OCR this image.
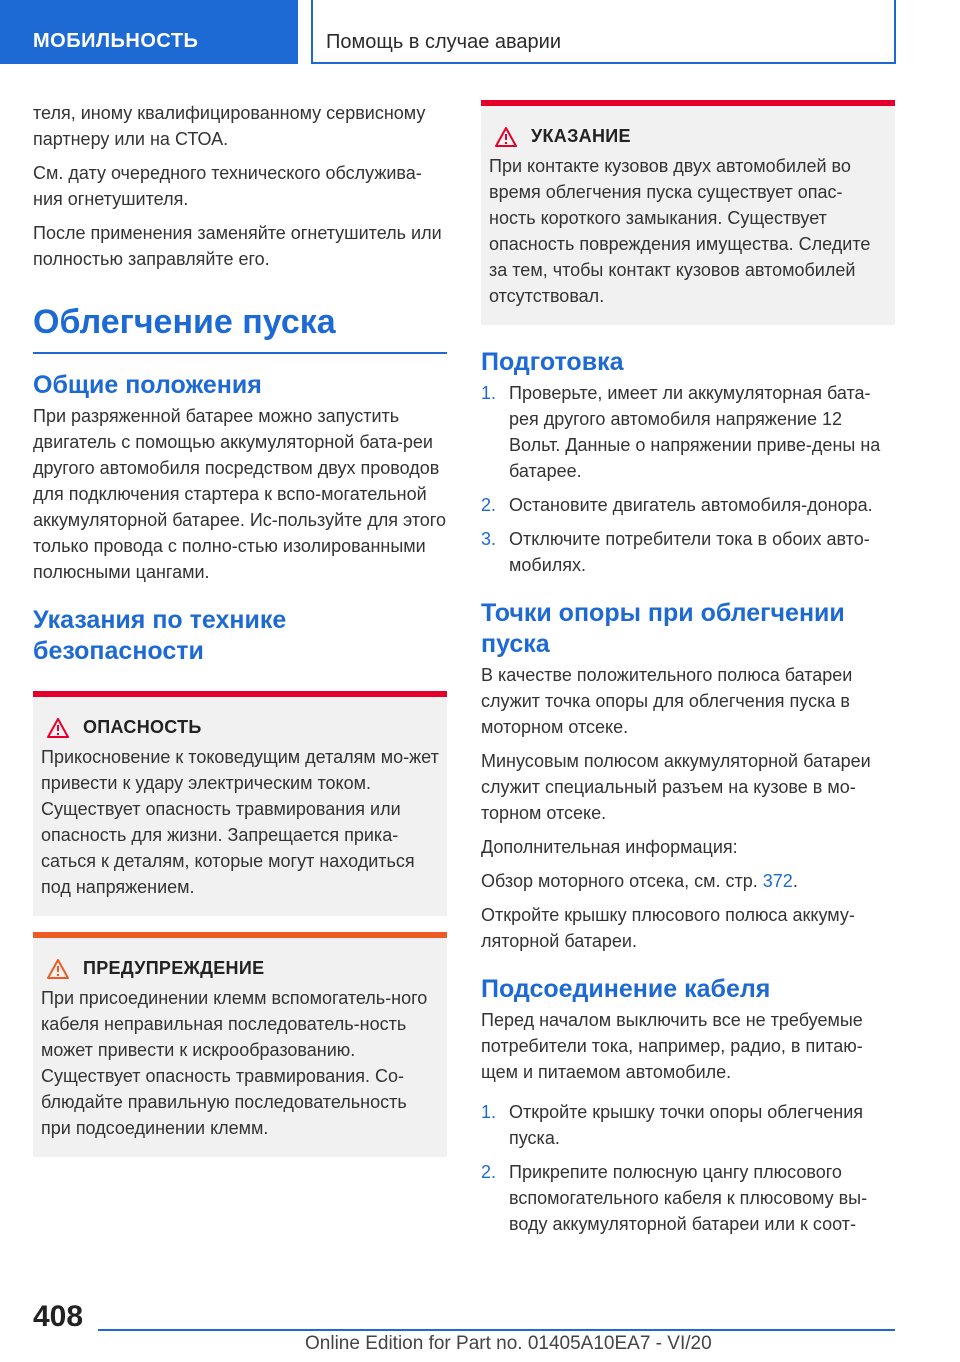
МОБИЛЬНОСТЬ	Помощь в случае аварии

теля, иному квалифицированному сервисному партнеру или на СТОА.

См. дату очередного технического обслужива-ния огнетушителя.

После применения заменяйте огнетушитель или полностью заправляйте его.

Облегчение пуска
Общие положения

При разряженной батарее можно запустить двигатель с помощью аккумуляторной бата-реи другого автомобиля посредством двух проводов для подключения стартера к вспо-могательной аккумуляторной батарее. Ис-пользуйте для этого только провода с полно-стью изолированными полюсными цангами.

Указания по технике безопасности
ОПАСНОСТЬ

Прикосновение к токоведущим деталям мо-жет привести к удару электрическим током. Существует опасность травмирования или опасность для жизни. Запрещается прика-саться к деталям, которые могут находиться под напряжением.

ПРЕДУПРЕЖДЕНИЕ

При присоединении клемм вспомогатель-ного кабеля неправильная последователь-ность может привести к искрообразованию. Существует опасность травмирования. Со-блюдайте правильную последовательность при подсоединении клемм.

УКАЗАНИЕ

При контакте кузовов двух автомобилей во время облегчения пуска существует опас-ность короткого замыкания. Существует опасность повреждения имущества. Следите за тем, чтобы контакт кузовов автомобилей отсутствовал.

Подготовка
1. Проверьте, имеет ли аккумуляторная бата-рея другого автомобиля напряжение 12 Вольт. Данные о напряжении приве-дены на батарее.
2. Остановите двигатель автомобиля-донора.
3. Отключите потребители тока в обоих авто-мобилях.
Точки опоры при облегчении пуска

В качестве положительного полюса батареи служит точка опоры для облегчения пуска в моторном отсеке.

Минусовым полюсом аккумуляторной батареи служит специальный разъем на кузове в мо-торном отсеке.

Дополнительная информация:

Обзор моторного отсека, см. стр. 372.

Откройте крышку плюсового полюса аккуму-ляторной батареи.

Подсоединение кабеля

Перед началом выключить все не требуемые потребители тока, например, радио, в питаю-щем и питаемом автомобиле.

1. Откройте крышку точки опоры облегчения пуска.
2. Прикрепите полюсную цангу плюсового вспомогательного кабеля к плюсовому вы-воду аккумуляторной батареи или к соот-
408
Online Edition for Part no. 01405A10EA7 - VI/20
